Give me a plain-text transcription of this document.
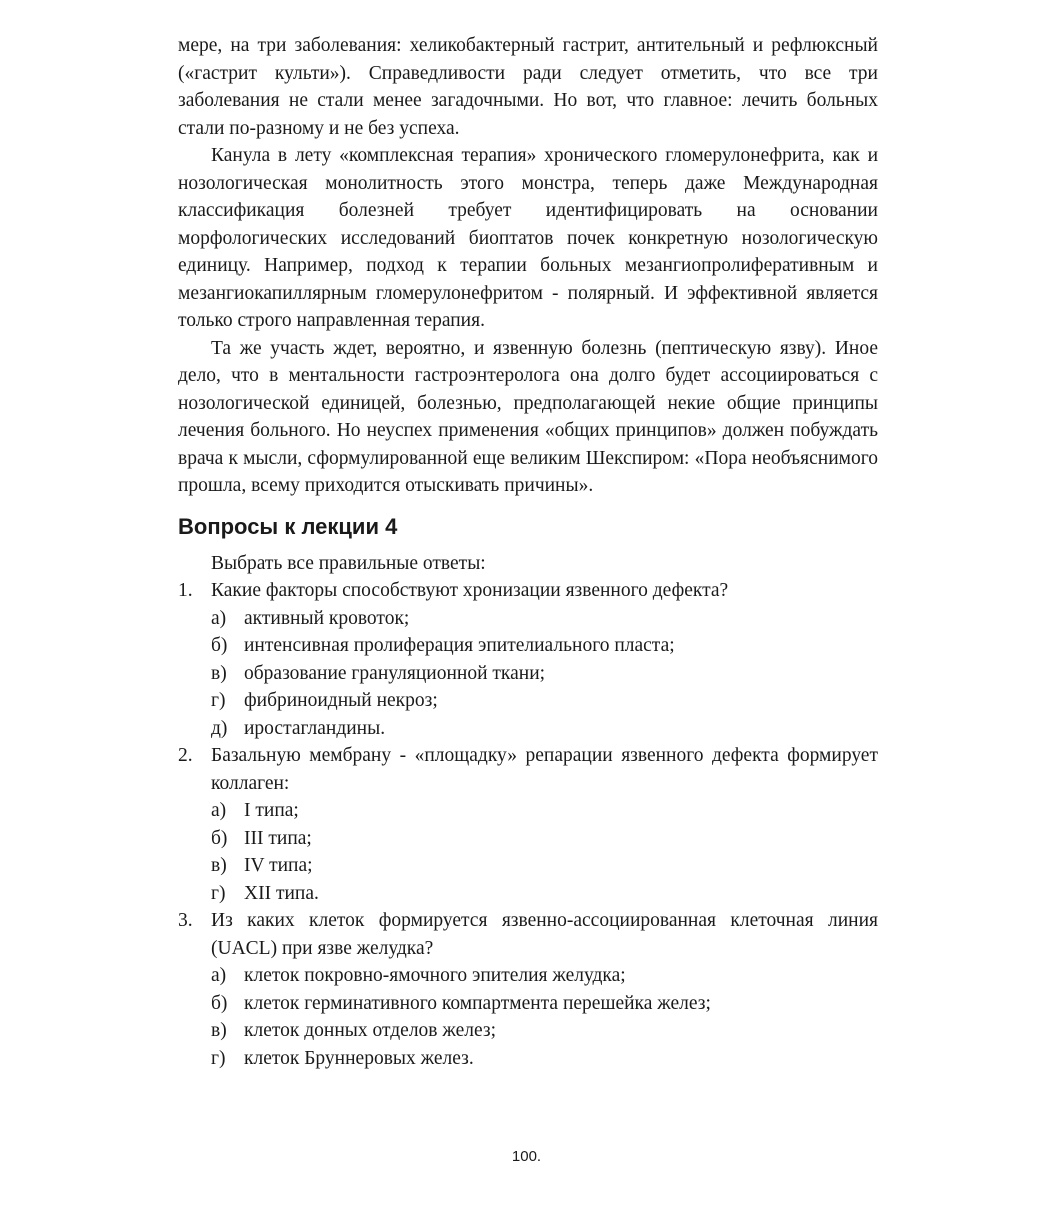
мере, на три заболевания: хеликобактерный гастрит, антительный и рефлюксный («гастрит культи»). Справедливости ради следует отметить, что все три заболевания не стали менее загадочными. Но вот, что главное: лечить больных стали по-разному и не без успеха.

Канула в лету «комплексная терапия» хронического гломерулонефрита, как и нозологическая монолитность этого монстра, теперь даже Международная классификация болезней требует идентифицировать на основании морфологических исследований биоптатов почек конкретную нозологическую единицу. Например, подход к терапии больных мезангиопролиферативным и мезангиокапиллярным гломерулонефритом - полярный. И эффективной является только строго направленная терапия.

Та же участь ждет, вероятно, и язвенную болезнь (пептическую язву). Иное дело, что в ментальности гастроэнтеролога она долго будет ассоциироваться с нозологической единицей, болезнью, предполагающей некие общие принципы лечения больного. Но неуспех применения «общих принципов» должен побуждать врача к мысли, сформулированной еще великим Шекспиром: «Пора необъяснимого прошла, всему приходится отыскивать причины».

Вопросы к лекции 4

Выбрать все правильные ответы:

1. Какие факторы способствуют хронизации язвенного дефекта?
а) активный кровоток;
б) интенсивная пролиферация эпителиального пласта;
в) образование грануляционной ткани;
г) фибриноидный некроз;
д) иростагландины.
2. Базальную мембрану - «площадку» репарации язвенного дефекта формирует коллаген:
а) I типа;
б) III типа;
в) IV типа;
г) XII типа.
3. Из каких клеток формируется язвенно-ассоциированная клеточная линия (UACL) при язве желудка?
а) клеток покровно-ямочного эпителия желудка;
б) клеток герминативного компартмента перешейка желез;
в) клеток донных отделов желез;
г) клеток Бруннеровых желез.
100.
